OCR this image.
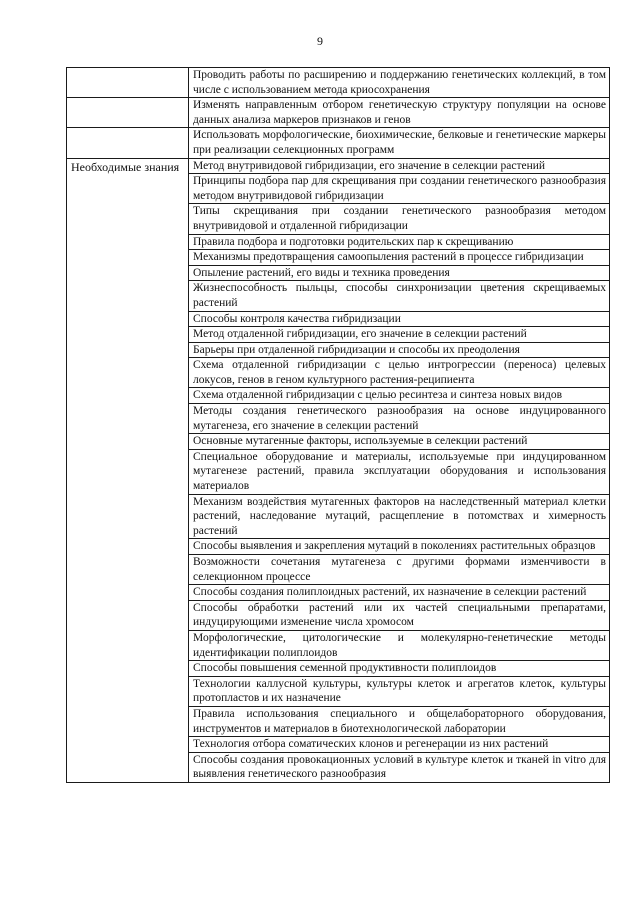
9
	Проводить работы по расширению и поддержанию генетических коллекций, в том числе с использованием метода криосохранения
	Изменять направленным отбором генетическую структуру популяции на основе данных анализа маркеров признаков и генов
	Использовать морфологические, биохимические, белковые и генетические маркеры при реализации селекционных программ
Необходимые знания	Метод внутривидовой гибридизации, его значение в селекции растений
	Принципы подбора пар для скрещивания при создании генетического разнообразия методом внутривидовой гибридизации
	Типы скрещивания при создании генетического разнообразия методом внутривидовой и отдаленной гибридизации
	Правила подбора и подготовки родительских пар к скрещиванию
	Механизмы предотвращения самоопыления растений в процессе гибридизации
	Опыление растений, его виды и техника проведения
	Жизнеспособность пыльцы, способы синхронизации цветения скрещиваемых растений
	Способы контроля качества гибридизации
	Метод отдаленной гибридизации, его значение в селекции растений
	Барьеры при отдаленной гибридизации и способы их преодоления
	Схема отдаленной гибридизации с целью интрогрессии (переноса) целевых локусов, генов в геном культурного растения-реципиента
	Схема отдаленной гибридизации с целью ресинтеза и синтеза новых видов
	Методы создания генетического разнообразия на основе индуцированного мутагенеза, его значение в селекции растений
	Основные мутагенные факторы, используемые в селекции растений
	Специальное оборудование и материалы, используемые при индуцированном мутагенезе растений, правила эксплуатации оборудования и использования материалов
	Механизм воздействия мутагенных факторов на наследственный материал клетки растений, наследование мутаций, расщепление в потомствах и химерность растений
	Способы выявления и закрепления мутаций в поколениях растительных образцов
	Возможности сочетания мутагенеза с другими формами изменчивости в селекционном процессе
	Способы создания полиплоидных растений, их назначение в селекции растений
	Способы обработки растений или их частей специальными препаратами, индуцирующими изменение числа хромосом
	Морфологические, цитологические и молекулярно-генетические методы идентификации полиплоидов
	Способы повышения семенной продуктивности полиплоидов
	Технологии каллусной культуры, культуры клеток и агрегатов клеток, культуры протопластов и их назначение
	Правила использования специального и общелабораторного оборудования, инструментов и материалов в биотехнологической лаборатории
	Технология отбора соматических клонов и регенерации из них растений
	Способы создания провокационных условий в культуре клеток и тканей in vitro для выявления генетического разнообразия
